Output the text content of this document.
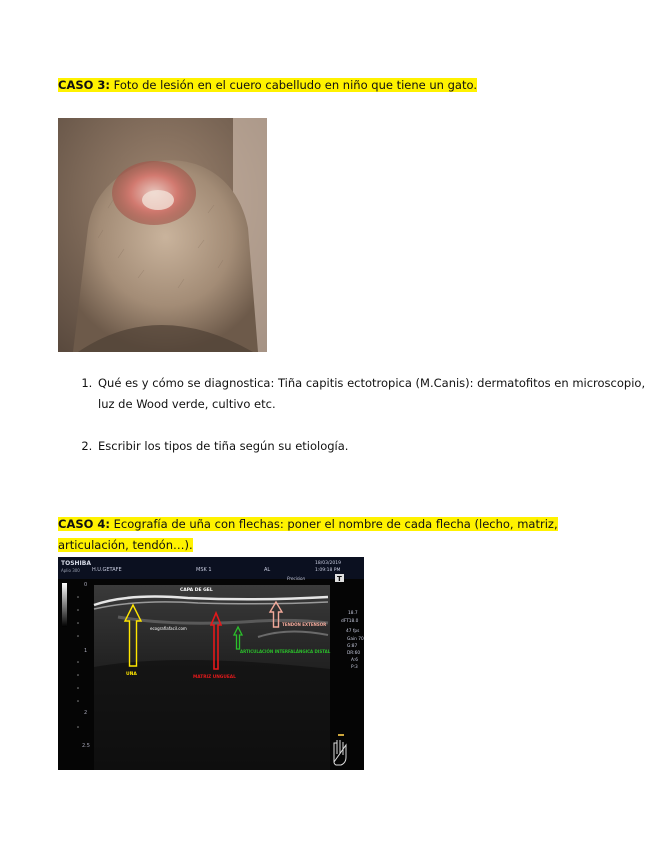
CASO 3: Foto de lesión en el cuero cabelludo en niño que tiene un gato.
1. Qué es y cómo se diagnostica: Tiña capitis ectotropica (M.Canis): dermatofitos en microscopio, luz de Wood verde, cultivo etc.
2. Escribir los tipos de tiña según su etiología.
CASO 4: Ecografía de uña con flechas: poner el nombre de cada flecha (lecho, matriz,
articulación, tendón…).
TOSHIBA
Aplio 300 H.U.GETAFE	MSK 1	AL
18/03/2019
1:09:18 PM
Precision	T
0
1
2
2.5
CAPA DE GEL
ecografiafacil.com
UÑA
MATRIZ UNGUEAL
ARTICULACIÓN INTERFALÁNGICA DISTAL
TENDÓN EXTENSOR
18.7
dFT18.0
47 fps
Gain 70
G:87
DR:60
A:6
P:3
